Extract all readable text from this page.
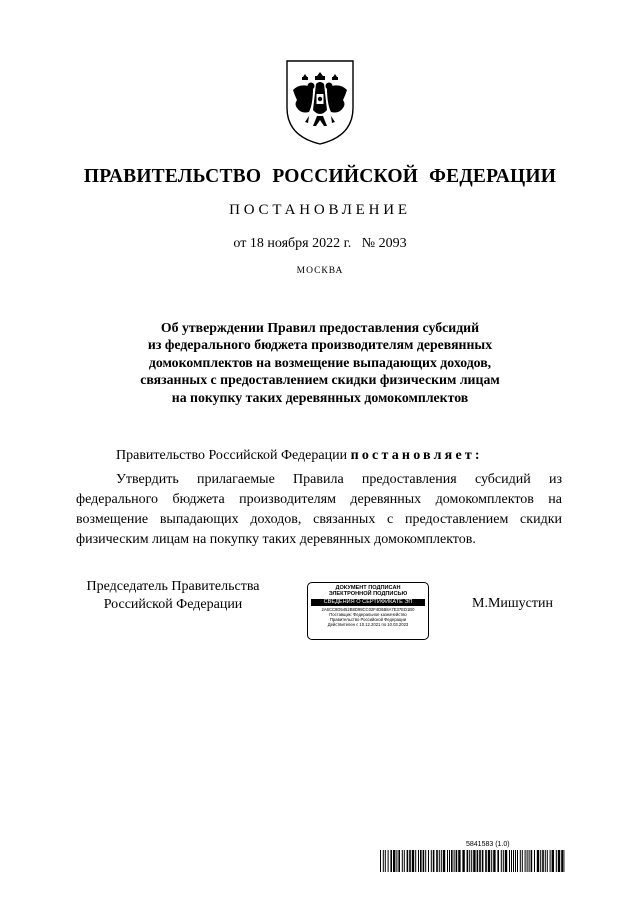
ПРАВИТЕЛЬСТВО РОССИЙСКОЙ ФЕДЕРАЦИИ
ПОСТАНОВЛЕНИЕ
от 18 ноября 2022 г. № 2093
МОСКВА
Об утверждении Правил предоставления субсидий
из федерального бюджета производителям деревянных
домокомплектов на возмещение выпадающих доходов,
связанных с предоставлением скидки физическим лицам
на покупку таких деревянных домокомплектов
Правительство Российской Федерации постановляет:
Утвердить прилагаемые Правила предоставления субсидий из федерального бюджета производителям деревянных домокомплектов на возмещение выпадающих доходов, связанных с предоставлением скидки физическим лицам на покупку таких деревянных домокомплектов.
Председатель Правительства
Российской Федерации
ДОКУМЕНТ ПОДПИСАН
ЭЛЕКТРОННОЙ ПОДПИСЬЮ
СВЕДЕНИЯ О СЕРТИФИКАТЕ ЭП
2A6CC8D5452B8D98CC02F4D6B8A7E37ED1B0
Поставщик: Федеральное казначейство
Правительство Российской Федерации
Действителен с 10.12.2021 по 10.03.2023
М.Мишустин
5841583 (1.0)
